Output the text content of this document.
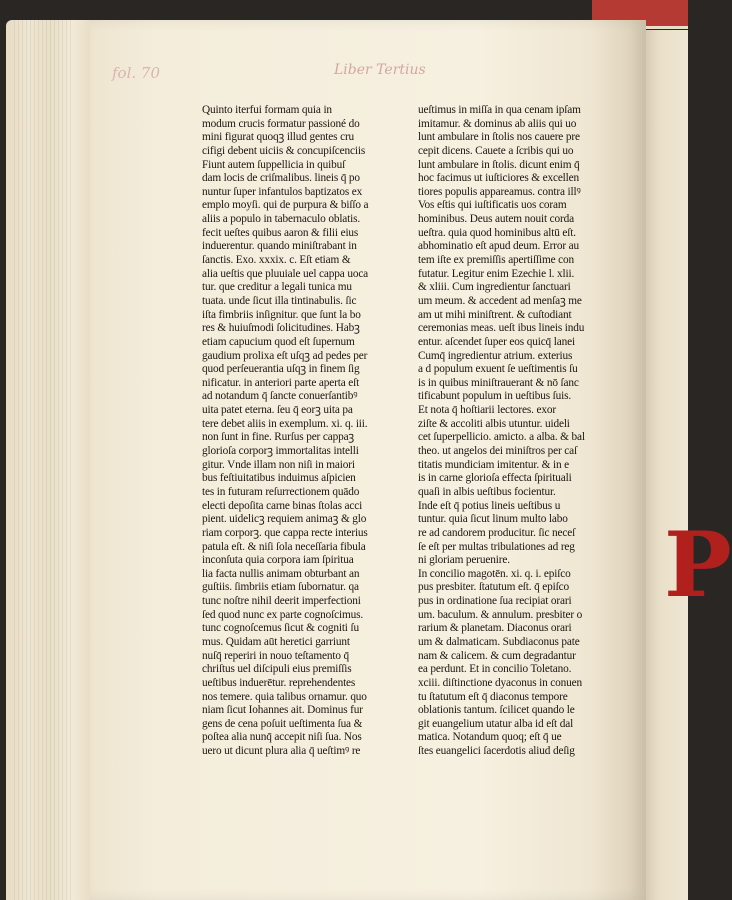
P
fol. 70	Liber Tertius
Quinto iterfui formam quia in
modum crucis formatur passioné do
mini figurat quoqꝫ illud gentes cru
cifigi debent uiciis & concupiſcenciis
Fiunt autem ſuppellicia in quibuſ
dam locis de criſmalibus. lineis q̄ po
nuntur ſuper infantulos baptizatos ex
emplo moyſi. qui de purpura & biſſo a
aliis a populo in tabernaculo oblatis.
fecit ueſtes quibus aaron & filii eius
induerentur. quando miniſtrabant in
ſanctis. Exo. xxxix. c. Eſt etiam &
alia ueſtis que pluuiale uel cappa uoca
tur. que creditur a legali tunica mu
tuata. unde ſicut illa tintinabulis. ſic
iſta fimbriis inſignitur. que ſunt la bo
res & huiuſmodi ſolicitudines. Habꝫ
etiam capucium quod eſt ſupernum
gaudium prolixa eſt uſqꝫ ad pedes per
quod perſeuerantia uſqꝫ in finem ſig
nificatur. in anteriori parte aperta eſt
ad notandum q̄ ſancte conuerſantibꝰ
uita patet eterna. ſeu q̄ eorꝫ uita pa
tere debet aliis in exemplum. xi. q. iii.
non ſunt in fine. Rurſus per cappaꝫ
glorioſa corporꝫ immortalitas intelli
gitur. Vnde illam non niſi in maiori
bus feſtiuitatibus induimus aſpicien
tes in futuram reſurrectionem quādo
electi depoſita carne binas ſtolas acci
pient. uidelicꝫ requiem animaꝫ & glo
riam corporꝫ. que cappa recte interius
patula eſt. & niſi ſola neceſſaria fibula
inconſuta quia corpora iam ſpiritua
lia facta nullis animam obturbant an
guſtiis. ſimbriis etiam ſubornatur. qa
tunc noſtre nihil deerit imperfectioni
ſed quod nunc ex parte cognoſcimus.
tunc cognoſcemus ſicut & cogniti ſu
mus. Quidam aūt heretici garriunt
nuſq̄ reperiri in nouo teſtamento q̄
chriſtus uel diſcipuli eius premiſſis
ueſtibus induerētur. reprehendentes
nos temere. quia talibus ornamur. quo
niam ſicut Iohannes ait. Dominus fur
gens de cena poſuit ueſtimenta ſua &
poſtea alia nunq̄ accepit niſi ſua. Nos
uero ut dicunt plura alia q̄ ueſtimꝰ re
ueſtimus in miſſa in qua cenam ipſam
imitamur. & dominus ab aliis qui uo
lunt ambulare in ſtolis nos cauere pre
cepit dicens. Cauete a ſcribis qui uo
lunt ambulare in ſtolis. dicunt enim q̄
hoc facimus ut iuſticiores & excellen
tiores populis appareamus. contra illꝰ
Vos eſtis qui iuſtificatis uos coram
hominibus. Deus autem nouit corda
ueſtra. quia quod hominibus altū eſt.
abhominatio eſt apud deum. Error au
tem iſte ex premiſſis apertiſſime con
futatur. Legitur enim Ezechie l. xlii.
& xliii. Cum ingredientur ſanctuari
um meum. & accedent ad menſaꝫ me
am ut mihi miniſtrent. & cuſtodiant
ceremonias meas. ueſt ibus lineis indu
entur. aſcendet ſuper eos quicq̄ lanei
Cumq̄ ingredientur atrium. exterius
a d populum exuent ſe ueſtimentis ſu
is in quibus miniſtrauerant & nō ſanc
tificabunt populum in ueſtibus ſuis.
Et nota q̄ hoſtiarii lectores. exor
ziſte & accoliti albis utuntur. uideli
cet ſuperpellicio. amicto. a alba. & bal
theo. ut angelos dei miniſtros per caſ
titatis mundiciam imitentur. & in e
is in carne glorioſa effecta ſpirituali
quaſi in albis ueſtibus focientur.
Inde eſt q̄ potius lineis ueſtibus u
tuntur. quia ſicut linum multo labo
re ad candorem producitur. ſic neceſ
ſe eſt per multas tribulationes ad reg
ni gloriam peruenire.
In concilio magotēn. xi. q. i. epiſco
pus presbiter. ſtatutum eſt. q̄ epiſco
pus in ordinatione ſua recipiat orari
um. baculum. & annulum. presbiter o
rarium & planetam. Diaconus orari
um & dalmaticam. Subdiaconus pate
nam & calicem. & cum degradantur
ea perdunt. Et in concilio Toletano.
xciii. diſtinctione dyaconus in conuen
tu ſtatutum eſt q̄ diaconus tempore
oblationis tantum. ſcilicet quando le
git euangelium utatur alba id eſt dal
matica. Notandum quoq; eſt q̄ ue
ſtes euangelici ſacerdotis aliud deſig
